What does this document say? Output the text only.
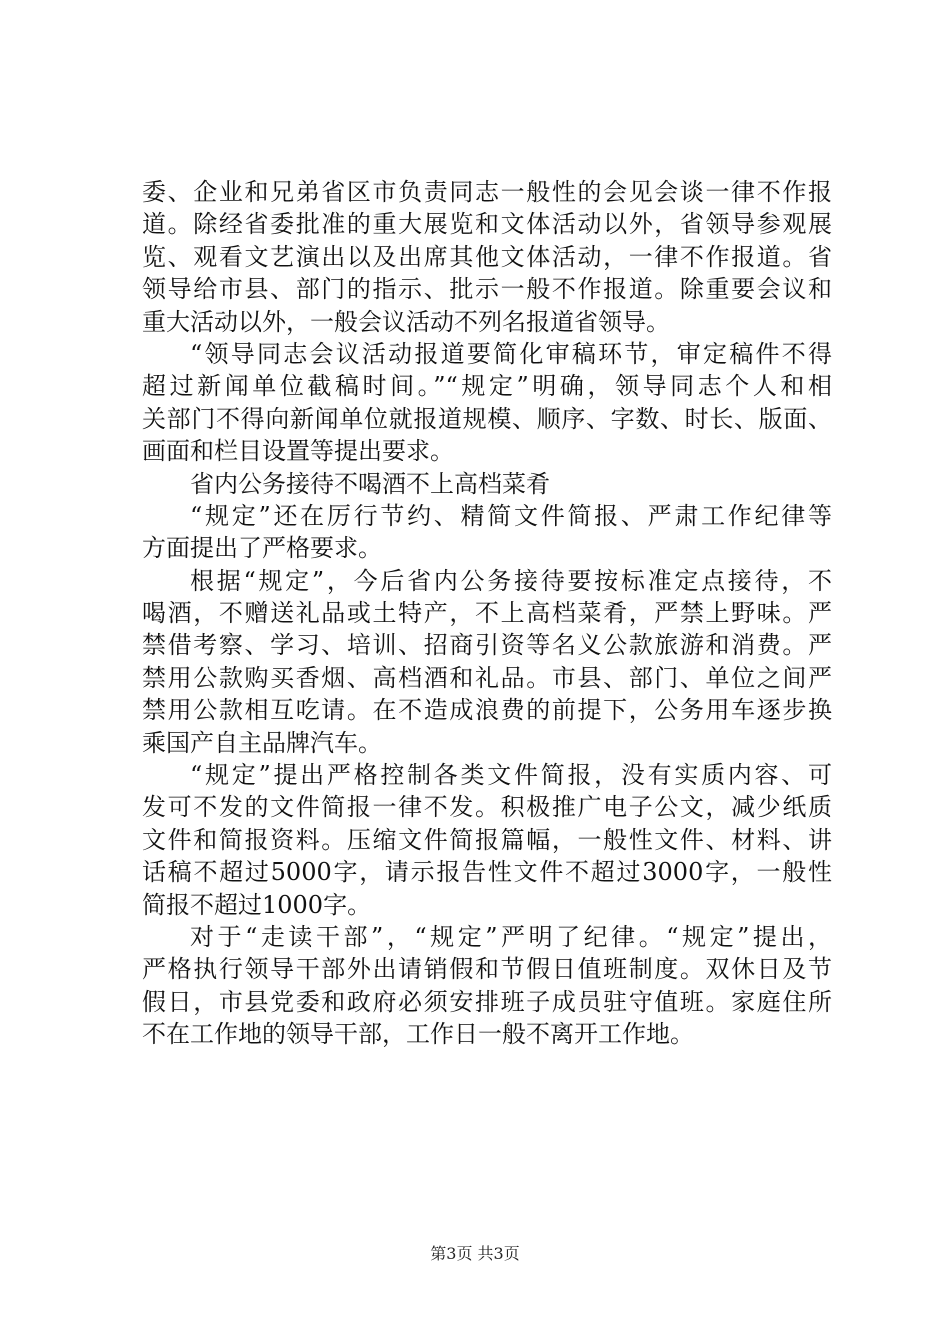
委、企业和兄弟省区市负责同志一般性的会见会谈一律不作报
道。除经省委批准的重大展览和文体活动以外，省领导参观展
览、观看文艺演出以及出席其他文体活动，一律不作报道。省
领导给市县、部门的指示、批示一般不作报道。除重要会议和
重大活动以外，一般会议活动不列名报道省领导。
“领导同志会议活动报道要简化审稿环节，审定稿件不得
超过新闻单位截稿时间。”“规定”明确，领导同志个人和相
关部门不得向新闻单位就报道规模、顺序、字数、时长、版面、
画面和栏目设置等提出要求。
省内公务接待不喝酒不上高档菜肴
“规定”还在厉行节约、精简文件简报、严肃工作纪律等
方面提出了严格要求。
根据“规定”，今后省内公务接待要按标准定点接待，不
喝酒，不赠送礼品或土特产，不上高档菜肴，严禁上野味。严
禁借考察、学习、培训、招商引资等名义公款旅游和消费。严
禁用公款购买香烟、高档酒和礼品。市县、部门、单位之间严
禁用公款相互吃请。在不造成浪费的前提下，公务用车逐步换
乘国产自主品牌汽车。
“规定”提出严格控制各类文件简报，没有实质内容、可
发可不发的文件简报一律不发。积极推广电子公文，减少纸质
文件和简报资料。压缩文件简报篇幅，一般性文件、材料、讲
话稿不超过5000字，请示报告性文件不超过3000字，一般性
简报不超过1000字。
对于“走读干部”，“规定”严明了纪律。“规定”提出，
严格执行领导干部外出请销假和节假日值班制度。双休日及节
假日，市县党委和政府必须安排班子成员驻守值班。家庭住所
不在工作地的领导干部，工作日一般不离开工作地。
第3页 共3页
